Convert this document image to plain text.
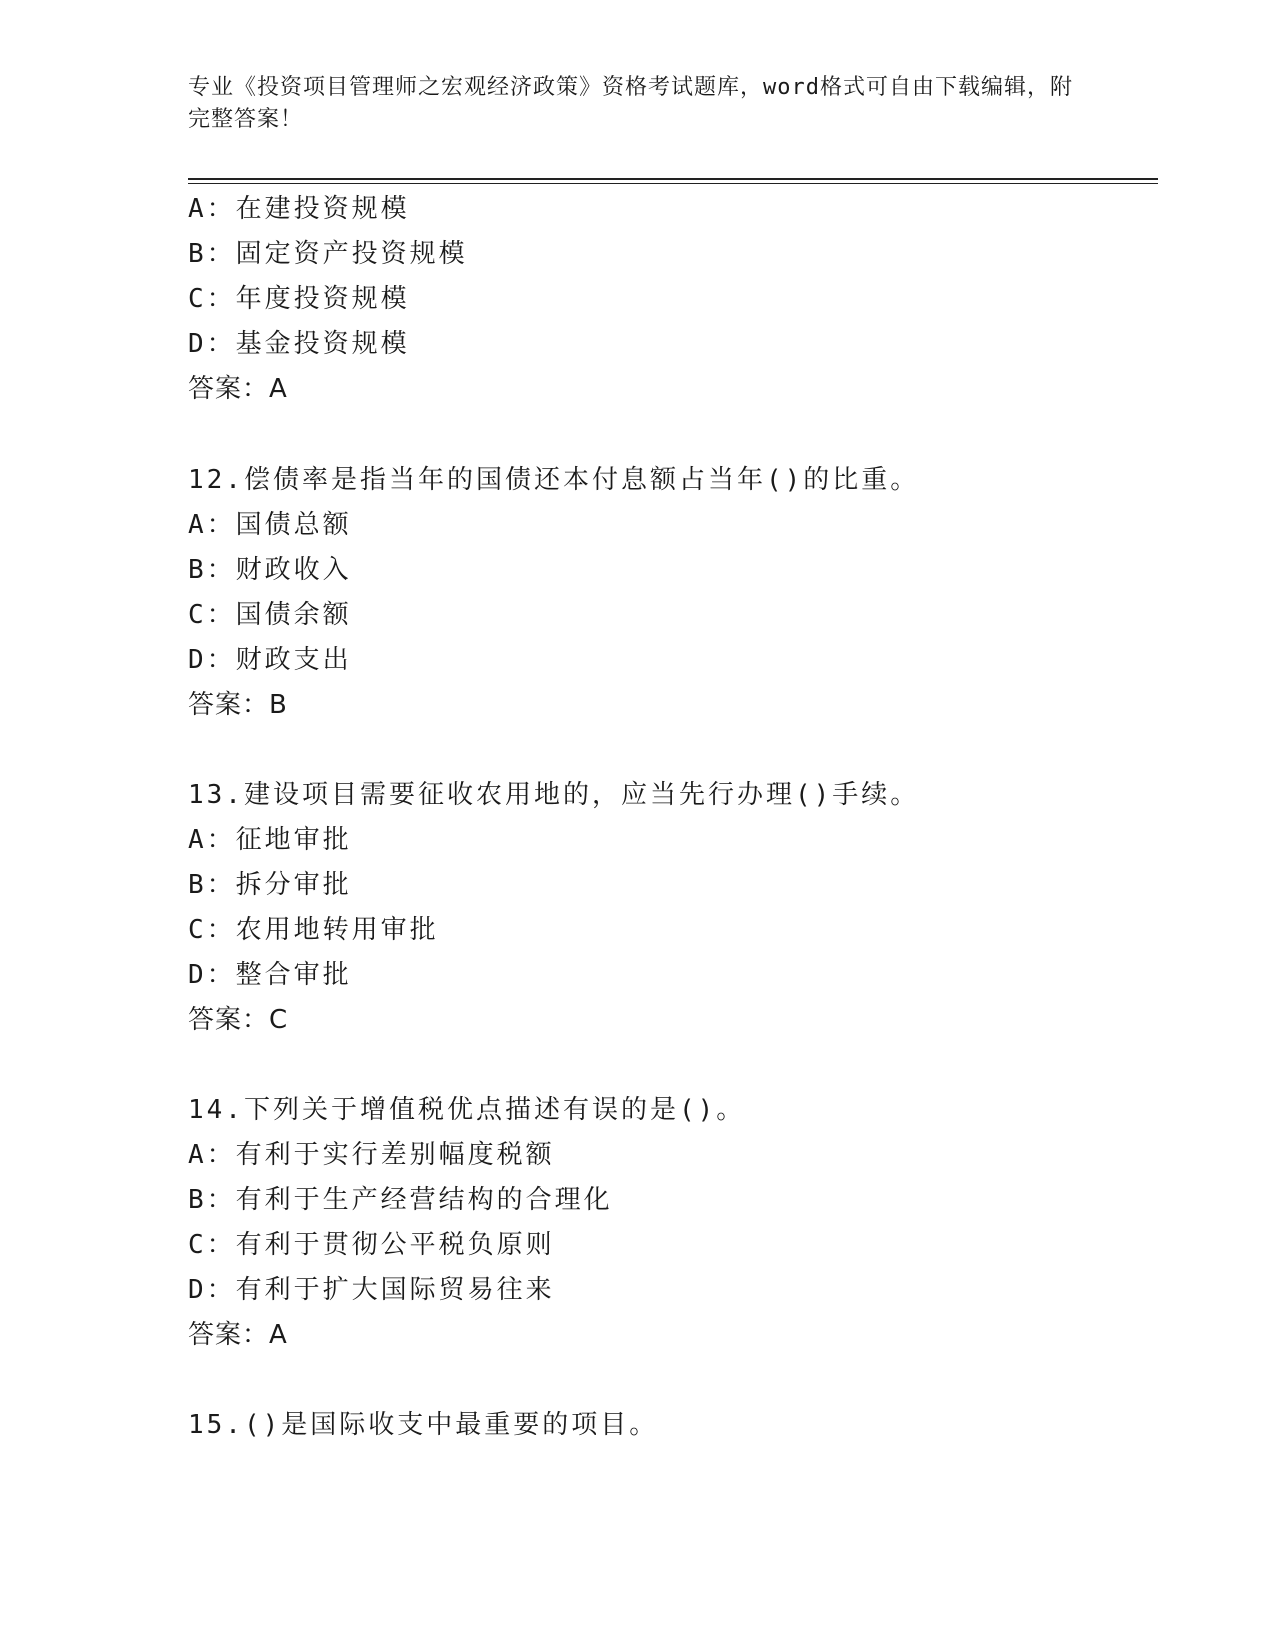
专业《投资项目管理师之宏观经济政策》资格考试题库，word格式可自由下载编辑，附完整答案！
A：在建投资规模
B：固定资产投资规模
C：年度投资规模
D：基金投资规模
答案：A
12.偿债率是指当年的国债还本付息额占当年()的比重。
A：国债总额
B：财政收入
C：国债余额
D：财政支出
答案：B
13.建设项目需要征收农用地的，应当先行办理()手续。
A：征地审批
B：拆分审批
C：农用地转用审批
D：整合审批
答案：C
14.下列关于增值税优点描述有误的是()。
A：有利于实行差别幅度税额
B：有利于生产经营结构的合理化
C：有利于贯彻公平税负原则
D：有利于扩大国际贸易往来
答案：A
15.()是国际收支中最重要的项目。
